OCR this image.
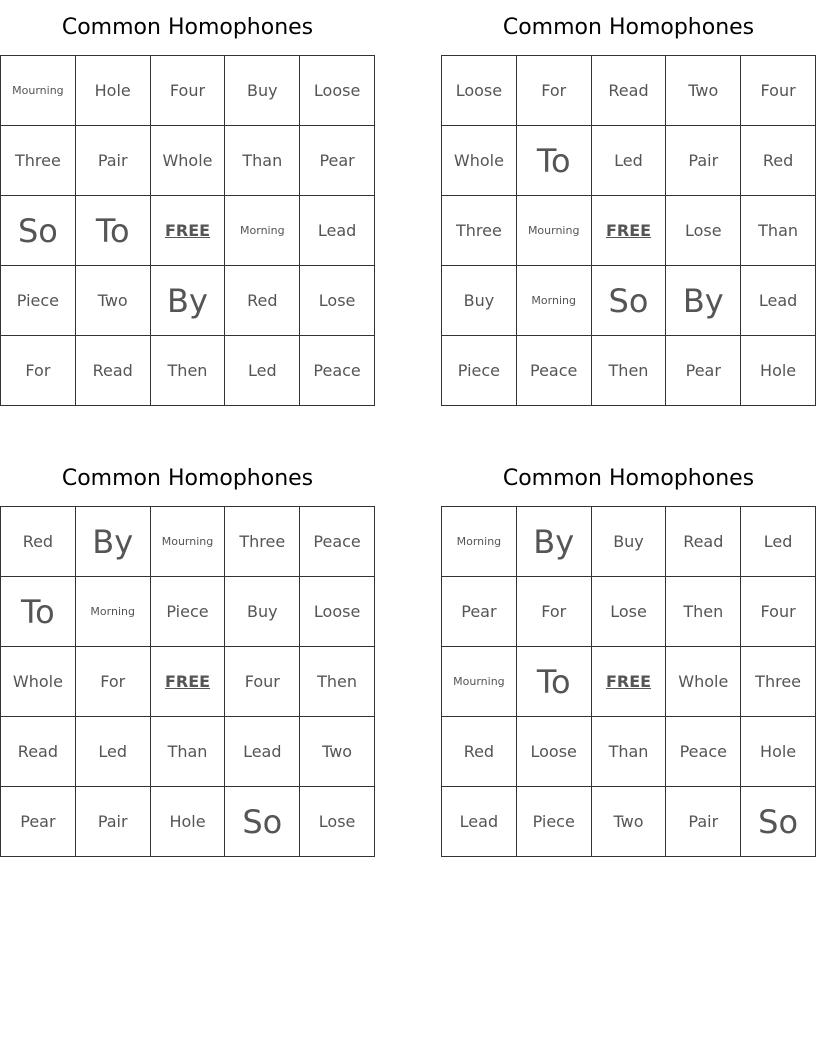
Common Homophones
Mourning	Hole	Four	Buy	Loose
Three	Pair	Whole	Than	Pear
So	To	FREE	Morning	Lead
Piece	Two	By	Red	Lose
For	Read	Then	Led	Peace
Common Homophones
Loose	For	Read	Two	Four
Whole	To	Led	Pair	Red
Three	Mourning	FREE	Lose	Than
Buy	Morning	So	By	Lead
Piece	Peace	Then	Pear	Hole
Common Homophones
Red	By	Mourning	Three	Peace
To	Morning	Piece	Buy	Loose
Whole	For	FREE	Four	Then
Read	Led	Than	Lead	Two
Pear	Pair	Hole	So	Lose
Common Homophones
Morning	By	Buy	Read	Led
Pear	For	Lose	Then	Four
Mourning	To	FREE	Whole	Three
Red	Loose	Than	Peace	Hole
Lead	Piece	Two	Pair	So
